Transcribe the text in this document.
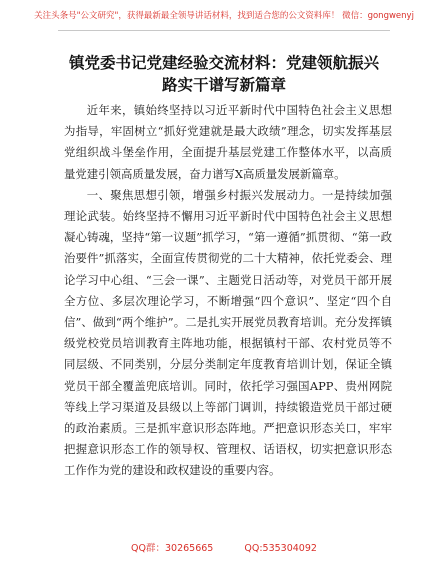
关注头条号"公文研究"，获得最新最全领导讲话材料，找到适合您的公文资料库！ 微信：gongwenyj
镇党委书记党建经验交流材料：党建领航振兴
路实干谱写新篇章

近年来，镇始终坚持以习近平新时代中国特色社会主义思想为指导，牢固树立“抓好党建就是最大政绩”理念，切实发挥基层党组织战斗堡垒作用，全面提升基层党建工作整体水平，以高质量党建引领高质量发展，奋力谱写X高质量发展新篇章。

一、聚焦思想引领，增强乡村振兴发展动力。一是持续加强理论武装。始终坚持不懈用习近平新时代中国特色社会主义思想凝心铸魂，坚持“第一议题”抓学习，“第一遵循”抓贯彻、“第一政治要件”抓落实，全面宣传贯彻党的二十大精神，依托党委会、理论学习中心组、“三会一课”、主题党日活动等，对党员干部开展全方位、多层次理论学习，不断增强“四个意识”、坚定“四个自信”、做到“两个维护”。二是扎实开展党员教育培训。充分发挥镇级党校党员培训教育主阵地功能，根据镇村干部、农村党员等不同层级、不同类别，分层分类制定年度教育培训计划，保证全镇党员干部全覆盖兜底培训。同时，依托学习强国APP、贵州网院等线上学习渠道及县级以上等部门调训，持续锻造党员干部过硬的政治素质。三是抓牢意识形态阵地。严把意识形态关口，牢牢把握意识形态工作的领导权、管理权、话语权，切实把意识形态工作作为党的建设和政权建设的重要内容。

QQ群：30265665	QQ:535304092
